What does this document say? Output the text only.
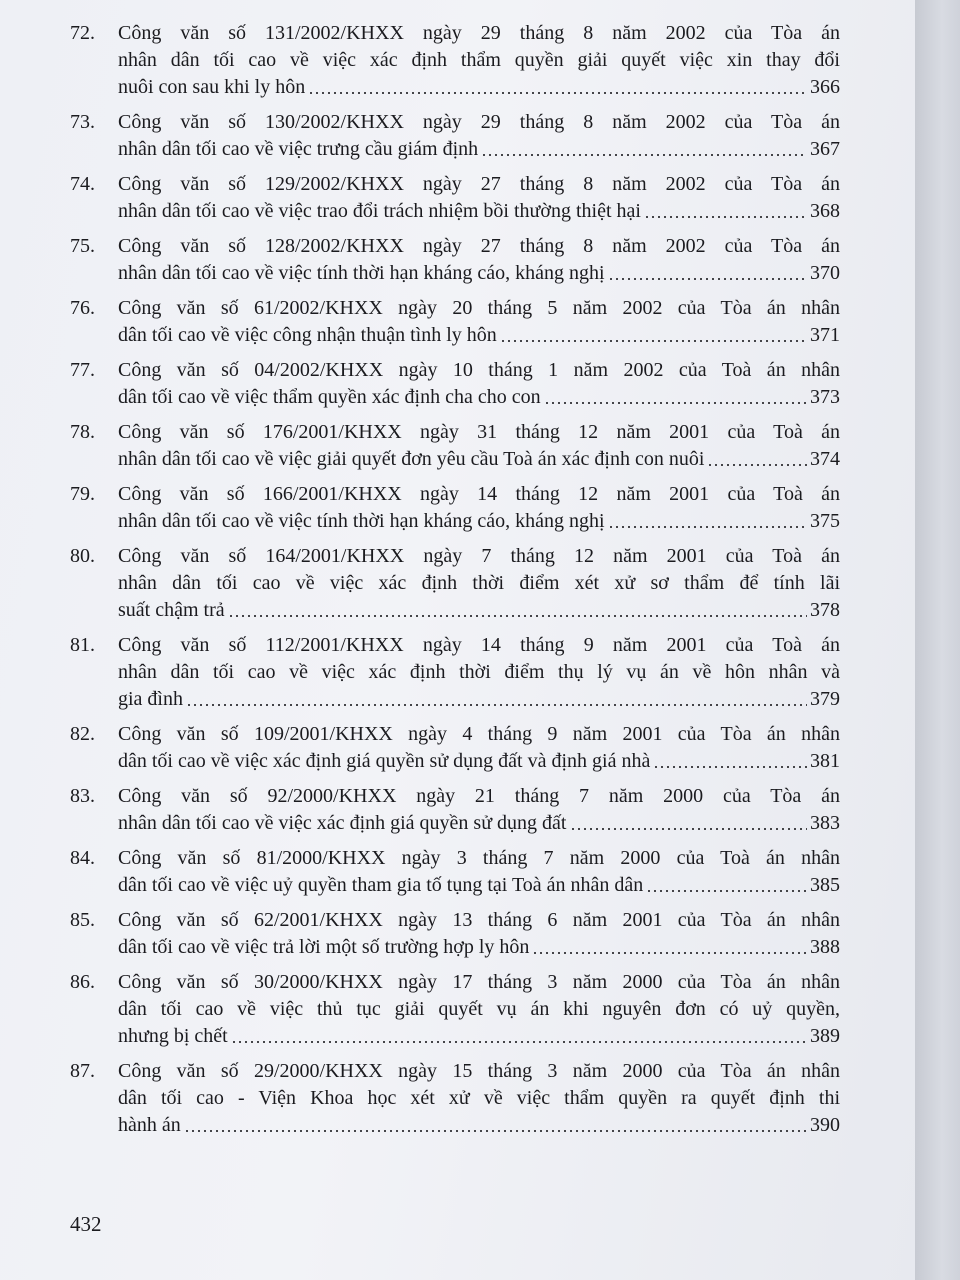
72. Công văn số 131/2002/KHXX ngày 29 tháng 8 năm 2002 của Tòa án
nhân dân tối cao về việc xác định thẩm quyền giải quyết việc xin thay đổi
nuôi con sau khi ly hôn	366
73. Công văn số 130/2002/KHXX ngày 29 tháng 8 năm 2002 của Tòa án
nhân dân tối cao về việc trưng cầu giám định	367
74. Công văn số 129/2002/KHXX ngày 27 tháng 8 năm 2002 của Tòa án
nhân dân tối cao về việc trao đổi trách nhiệm bồi thường thiệt hại	368
75. Công văn số 128/2002/KHXX ngày 27 tháng 8 năm 2002 của Tòa án
nhân dân tối cao về việc tính thời hạn kháng cáo, kháng nghị	370
76. Công văn số 61/2002/KHXX ngày 20 tháng 5 năm 2002 của Tòa án nhân
dân tối cao về việc công nhận thuận tình ly hôn	371
77. Công văn số 04/2002/KHXX ngày 10 tháng 1 năm 2002 của Toà án nhân
dân tối cao về việc thẩm quyền xác định cha cho con	373
78. Công văn số 176/2001/KHXX ngày 31 tháng 12 năm 2001 của Toà án
nhân dân tối cao về việc giải quyết đơn yêu cầu Toà án xác định con nuôi	374
79. Công văn số 166/2001/KHXX ngày 14 tháng 12 năm 2001 của Toà án
nhân dân tối cao về việc tính thời hạn kháng cáo, kháng nghị	375
80. Công văn số 164/2001/KHXX ngày 7 tháng 12 năm 2001 của Toà án
nhân dân tối cao về việc xác định thời điểm xét xử sơ thẩm để tính lãi
suất chậm trả	378
81. Công văn số 112/2001/KHXX ngày 14 tháng 9 năm 2001 của Toà án
nhân dân tối cao về việc xác định thời điểm thụ lý vụ án về hôn nhân và
gia đình	379
82. Công văn số 109/2001/KHXX ngày 4 tháng 9 năm 2001 của Tòa án nhân
dân tối cao về việc xác định giá quyền sử dụng đất và định giá nhà	381
83. Công văn số 92/2000/KHXX ngày 21 tháng 7 năm 2000 của Tòa án
nhân dân tối cao về việc xác định giá quyền sử dụng đất	383
84. Công văn số 81/2000/KHXX ngày 3 tháng 7 năm 2000 của Toà án nhân
dân tối cao về việc uỷ quyền tham gia tố tụng tại Toà án nhân dân	385
85. Công văn số 62/2001/KHXX ngày 13 tháng 6 năm 2001 của Tòa án nhân
dân tối cao về việc trả lời một số trường hợp ly hôn	388
86. Công văn số 30/2000/KHXX ngày 17 tháng 3 năm 2000 của Tòa án nhân
dân tối cao về việc thủ tục giải quyết vụ án khi nguyên đơn có uỷ quyền,
nhưng bị chết	389
87. Công văn số 29/2000/KHXX ngày 15 tháng 3 năm 2000 của Tòa án nhân
dân tối cao - Viện Khoa học xét xử về việc thẩm quyền ra quyết định thi
hành án	390
432
